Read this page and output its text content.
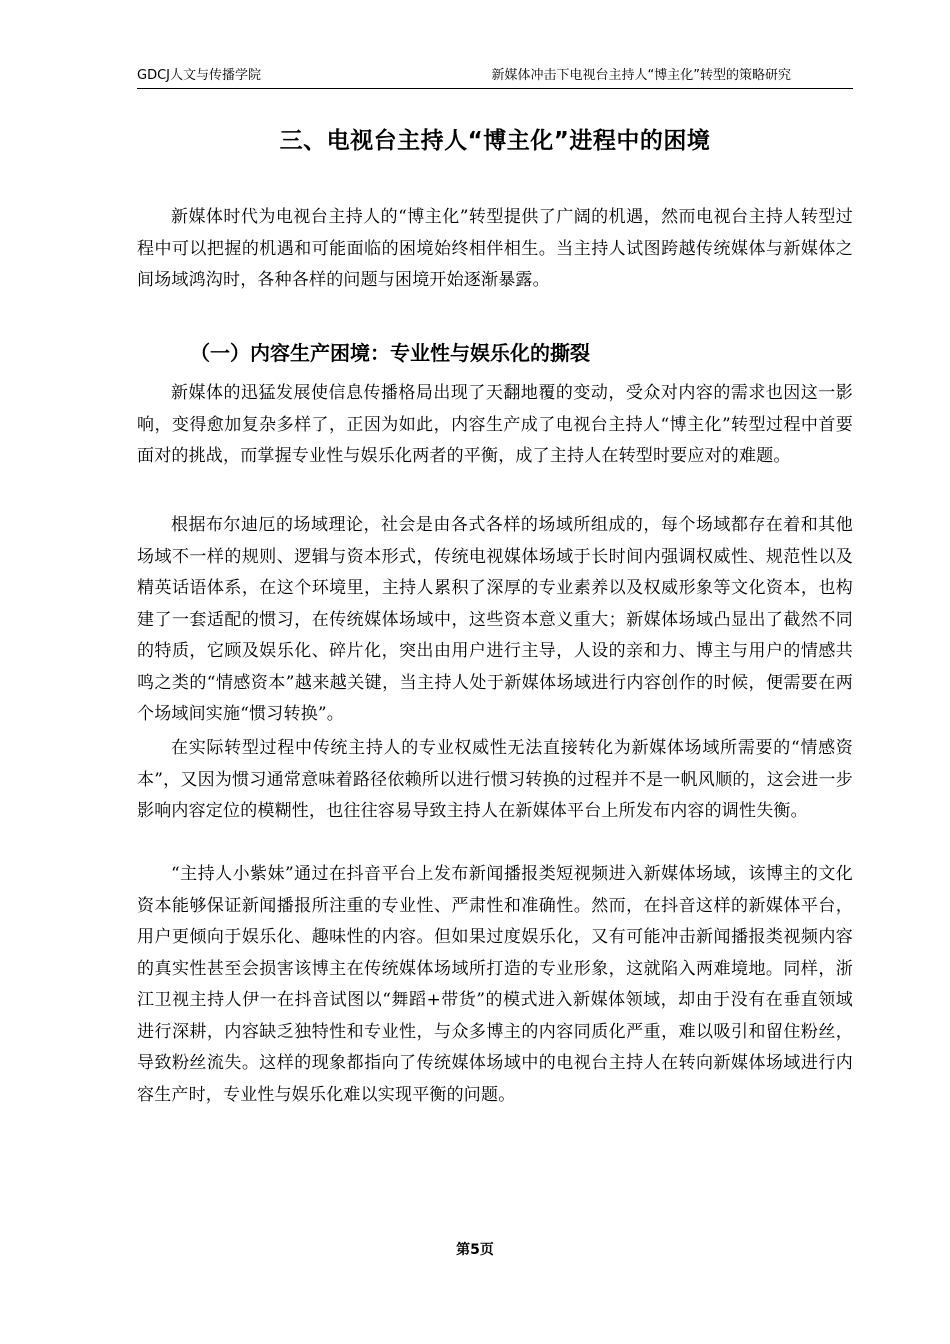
GDCJ人文与传播学院	新媒体冲击下电视台主持人“博主化”转型的策略研究
三、电视台主持人“博主化”进程中的困境

新媒体时代为电视台主持人的“博主化”转型提供了广阔的机遇，然而电视台主持人转型过程中可以把握的机遇和可能面临的困境始终相伴相生。当主持人试图跨越传统媒体与新媒体之间场域鸿沟时，各种各样的问题与困境开始逐渐暴露。

（一）内容生产困境：专业性与娱乐化的撕裂

新媒体的迅猛发展使信息传播格局出现了天翻地覆的变动，受众对内容的需求也因这一影响，变得愈加复杂多样了，正因为如此，内容生产成了电视台主持人“博主化”转型过程中首要面对的挑战，而掌握专业性与娱乐化两者的平衡，成了主持人在转型时要应对的难题。

根据布尔迪厄的场域理论，社会是由各式各样的场域所组成的，每个场域都存在着和其他场域不一样的规则、逻辑与资本形式，传统电视媒体场域于长时间内强调权威性、规范性以及精英话语体系，在这个环境里，主持人累积了深厚的专业素养以及权威形象等文化资本，也构建了一套适配的惯习，在传统媒体场域中，这些资本意义重大；新媒体场域凸显出了截然不同的特质，它顾及娱乐化、碎片化，突出由用户进行主导，人设的亲和力、博主与用户的情感共鸣之类的“情感资本”越来越关键，当主持人处于新媒体场域进行内容创作的时候，便需要在两个场域间实施“惯习转换”。

在实际转型过程中传统主持人的专业权威性无法直接转化为新媒体场域所需要的“情感资本”，又因为惯习通常意味着路径依赖所以进行惯习转换的过程并不是一帆风顺的，这会进一步影响内容定位的模糊性，也往往容易导致主持人在新媒体平台上所发布内容的调性失衡。

“主持人小紫妹”通过在抖音平台上发布新闻播报类短视频进入新媒体场域，该博主的文化资本能够保证新闻播报所注重的专业性、严肃性和准确性。然而，在抖音这样的新媒体平台，用户更倾向于娱乐化、趣味性的内容。但如果过度娱乐化，又有可能冲击新闻播报类视频内容的真实性甚至会损害该博主在传统媒体场域所打造的专业形象，这就陷入两难境地。同样，浙江卫视主持人伊一在抖音试图以“舞蹈+带货”的模式进入新媒体领域，却由于没有在垂直领域进行深耕，内容缺乏独特性和专业性，与众多博主的内容同质化严重，难以吸引和留住粉丝，导致粉丝流失。这样的现象都指向了传统媒体场域中的电视台主持人在转向新媒体场域进行内容生产时，专业性与娱乐化难以实现平衡的问题。

第5页
